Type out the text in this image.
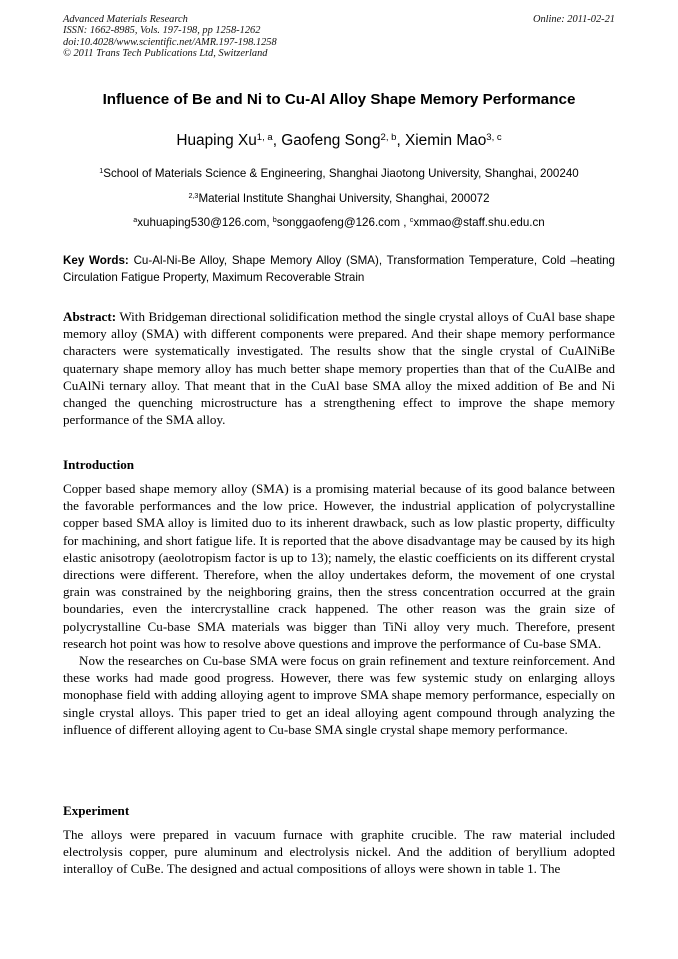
Advanced Materials Research
ISSN: 1662-8985, Vols. 197-198, pp 1258-1262
doi:10.4028/www.scientific.net/AMR.197-198.1258
© 2011 Trans Tech Publications Ltd, Switzerland
Online: 2011-02-21
Influence of Be and Ni to Cu-Al Alloy Shape Memory Performance
Huaping Xu$^{1, a}$, Gaofeng Song$^{2, b}$, Xiemin Mao$^{3, c}$
$^1$School of Materials Science & Engineering, Shanghai Jiaotong University, Shanghai, 200240
$^{2,3}$Material Institute Shanghai University, Shanghai, 200072
$^a$xuhuaping530@126.com, $^b$songgaofeng@126.com , $^c$xmmao@staff.shu.edu.cn
Key Words: Cu-Al-Ni-Be Alloy, Shape Memory Alloy (SMA), Transformation Temperature, Cold –heating Circulation Fatigue Property, Maximum Recoverable Strain
Abstract: With Bridgeman directional solidification method the single crystal alloys of CuAl base shape memory alloy (SMA) with different components were prepared. And their shape memory performance characters were systematically investigated. The results show that the single crystal of CuAlNiBe quaternary shape memory alloy has much better shape memory properties than that of the CuAlBe and CuAlNi ternary alloy. That meant that in the CuAl base SMA alloy the mixed addition of Be and Ni changed the quenching microstructure has a strengthening effect to improve the shape memory performance of the SMA alloy.
Introduction

Copper based shape memory alloy (SMA) is a promising material because of its good balance between the favorable performances and the low price. However, the industrial application of polycrystalline copper based SMA alloy is limited duo to its inherent drawback, such as low plastic property, difficulty for machining, and short fatigue life. It is reported that the above disadvantage may be caused by its high elastic anisotropy (aeolotropism factor is up to 13); namely, the elastic coefficients on its different crystal directions were different. Therefore, when the alloy undertakes deform, the movement of one crystal grain was constrained by the neighboring grains, then the stress concentration occurred at the grain boundaries, even the intercrystalline crack happened. The other reason was the grain size of polycrystalline Cu-base SMA materials was bigger than TiNi alloy very much. Therefore, present research hot point was how to resolve above questions and improve the performance of Cu-base SMA.

Now the researches on Cu-base SMA were focus on grain refinement and texture reinforcement. And these works had made good progress. However, there was few systemic study on enlarging alloys monophase field with adding alloying agent to improve SMA shape memory performance, especially on single crystal alloys. This paper tried to get an ideal alloying agent compound through analyzing the influence of different alloying agent to Cu-base SMA single crystal shape memory performance.

Experiment

The alloys were prepared in vacuum furnace with graphite crucible. The raw material included electrolysis copper, pure aluminum and electrolysis nickel. And the addition of beryllium adopted interalloy of CuBe. The designed and actual compositions of alloys were shown in table 1. The
